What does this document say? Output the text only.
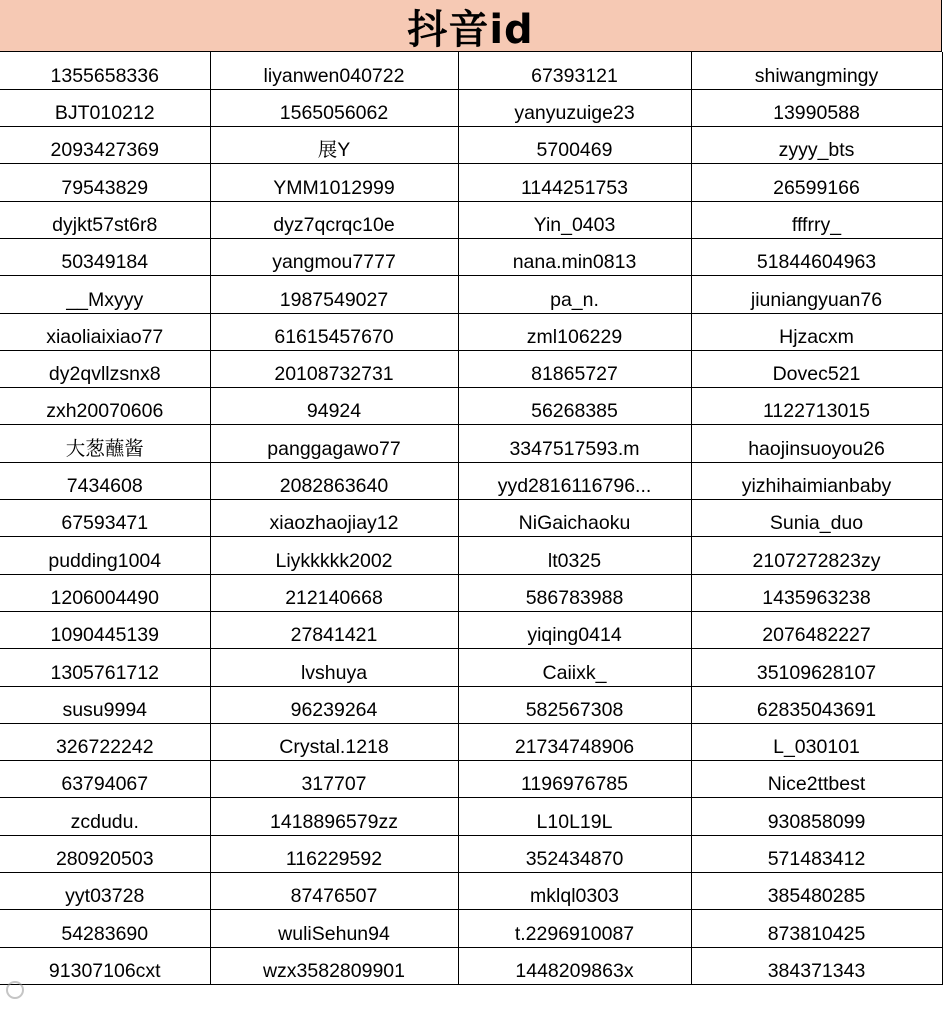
抖音id
1355658336	liyanwen040722	67393121	shiwangmingy
BJT010212	1565056062	yanyuzuige23	13990588
2093427369	展Y	5700469	zyyy_bts
79543829	YMM1012999	1144251753	26599166
dyjkt57st6r8	dyz7qcrqc10e	Yin_0403	fffrry_
50349184	yangmou7777	nana.min0813	51844604963
__Mxyyy	1987549027	pa_n.	jiuniangyuan76
xiaoliaixiao77	61615457670	zml106229	Hjzacxm
dy2qvllzsnx8	20108732731	81865727	Dovec521
zxh20070606	94924	56268385	1122713015
大葱蘸酱	panggagawo77	3347517593.m	haojinsuoyou26
7434608	2082863640	yyd2816116796...	yizhihaimianbaby
67593471	xiaozhaojiay12	NiGaichaoku	Sunia_duo
pudding1004	Liykkkkk2002	lt0325	2107272823zy
1206004490	212140668	586783988	1435963238
1090445139	27841421	yiqing0414	2076482227
1305761712	lvshuya	Caiixk_	35109628107
susu9994	96239264	582567308	62835043691
326722242	Crystal.1218	21734748906	L_030101
63794067	317707	1196976785	Nice2ttbest
zcdudu.	1418896579zz	L10L19L	930858099
280920503	116229592	352434870	571483412
yyt03728	87476507	mklql0303	385480285
54283690	wuliSehun94	t.2296910087	873810425
91307106cxt	wzx3582809901	1448209863x	384371343
